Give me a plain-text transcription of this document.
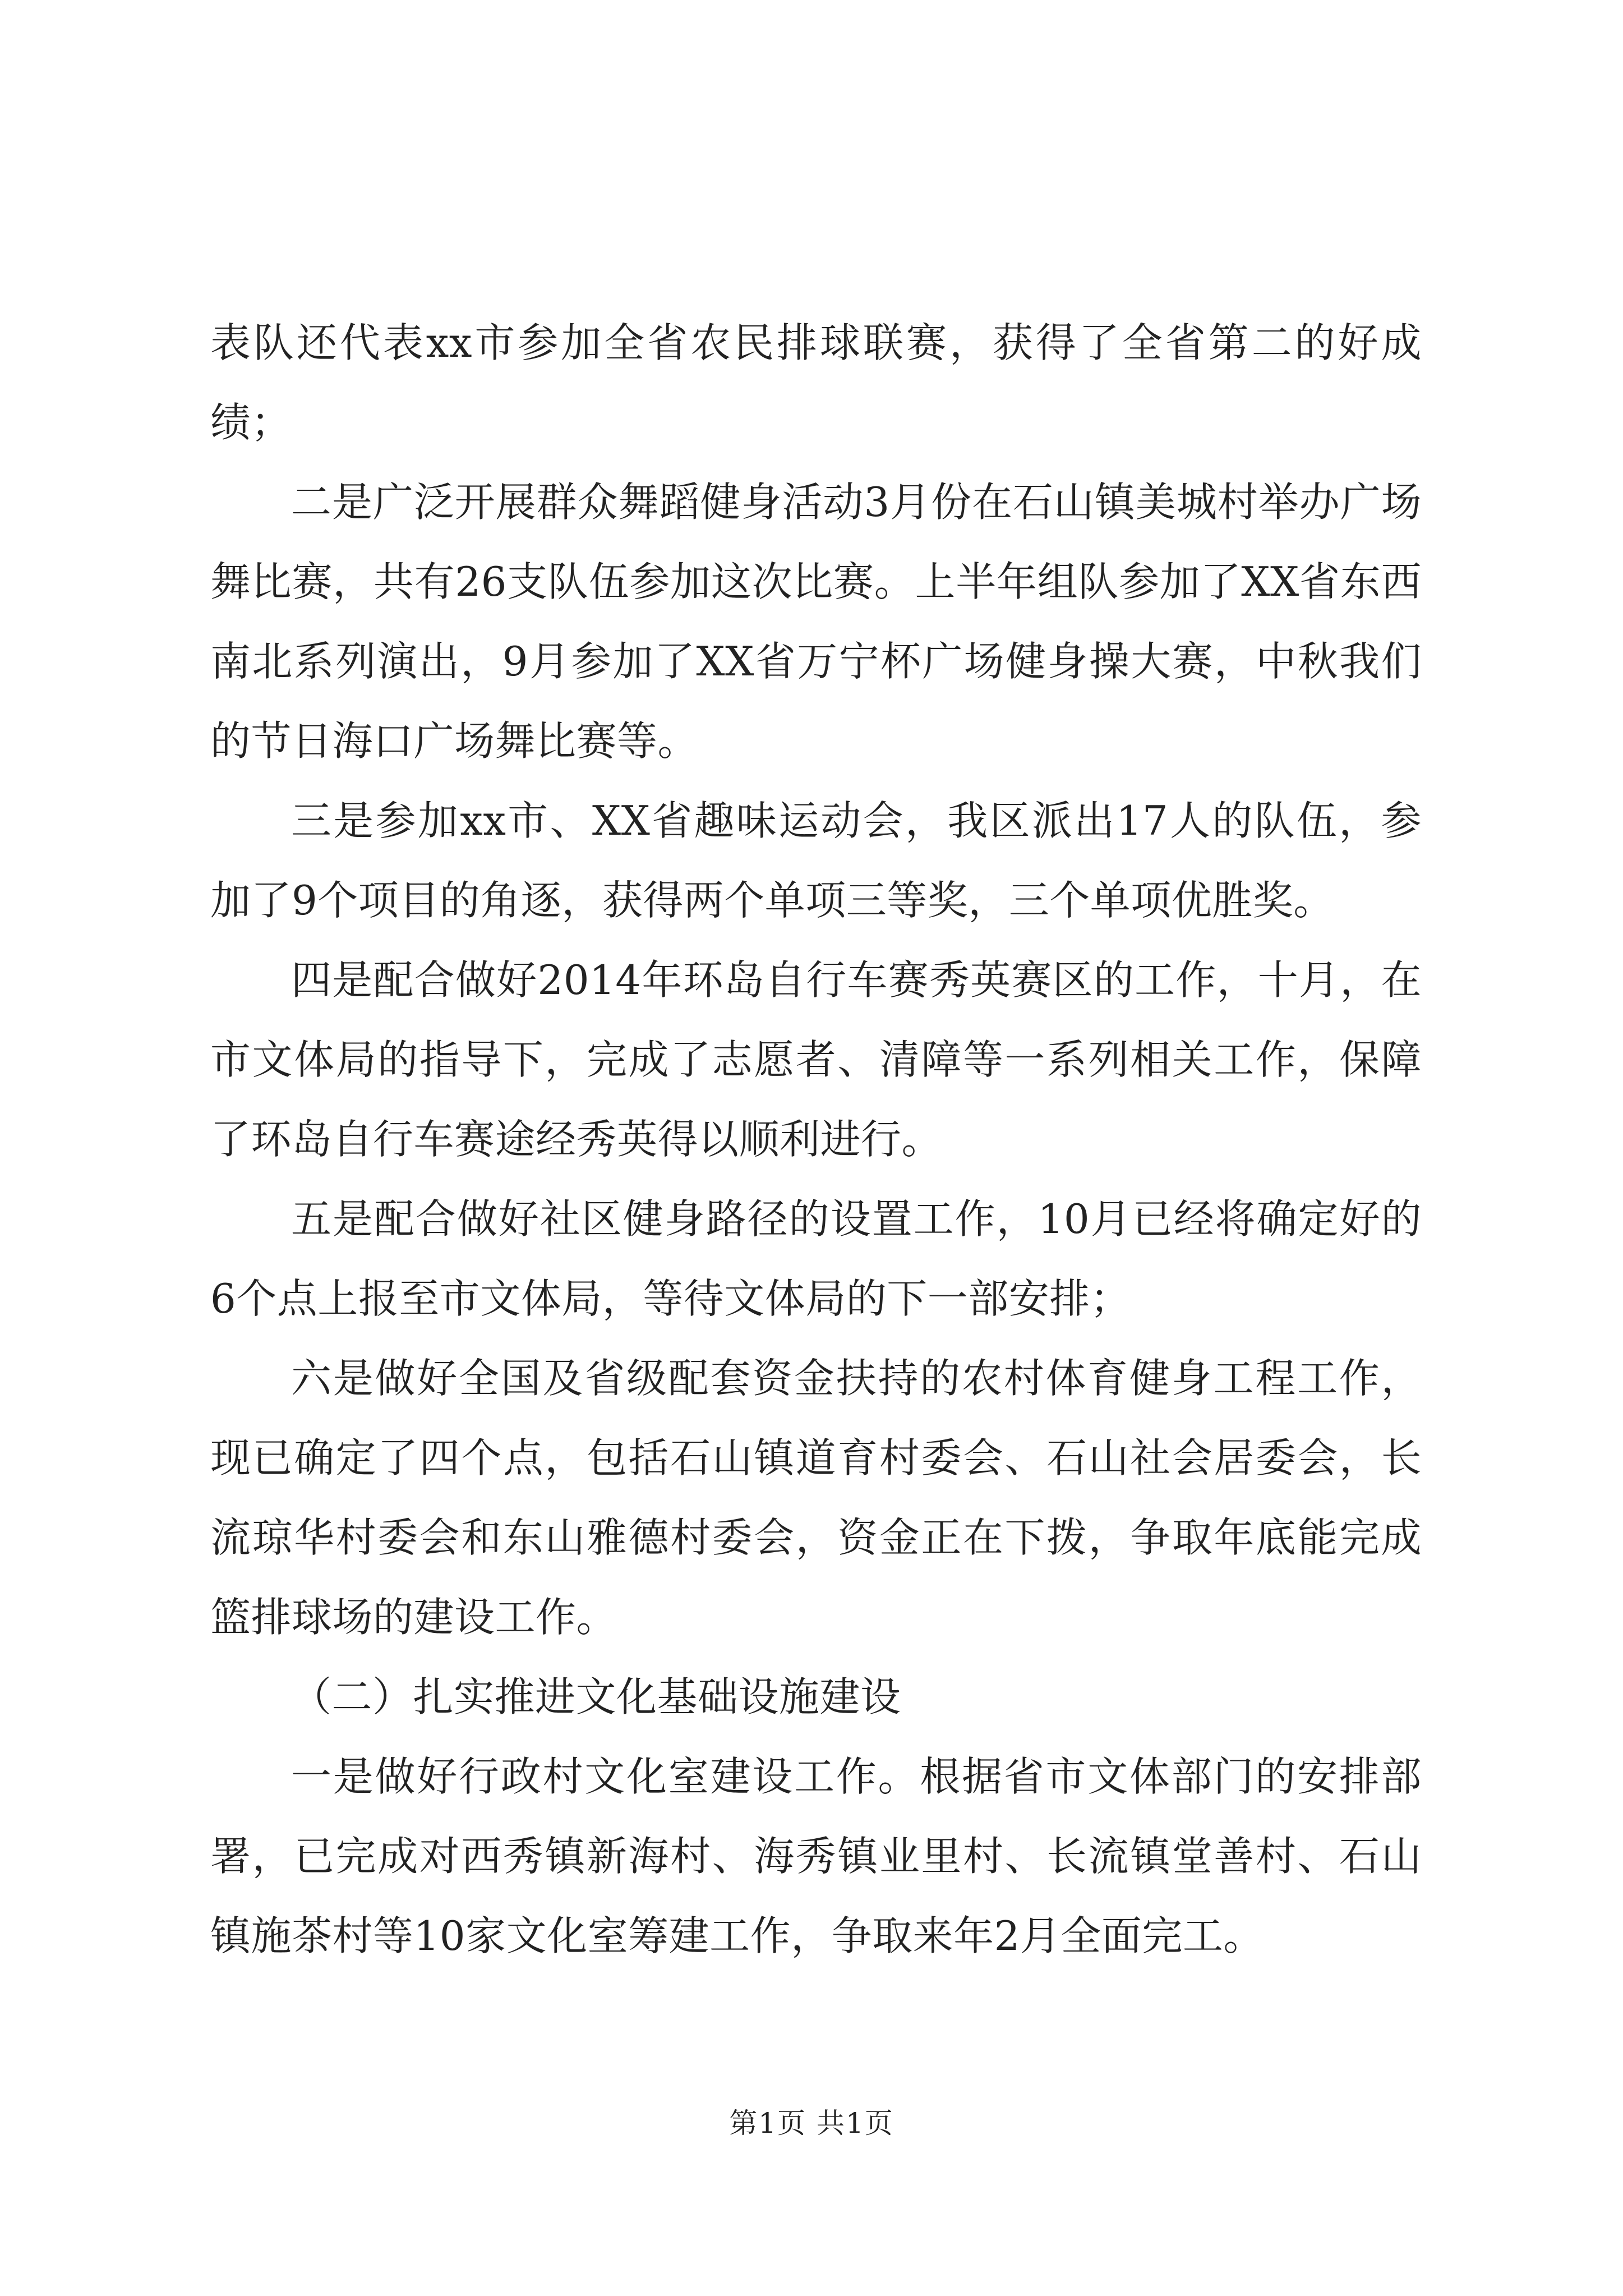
表队还代表xx市参加全省农民排球联赛，获得了全省第二的好成绩；

二是广泛开展群众舞蹈健身活动3月份在石山镇美城村举办广场舞比赛，共有26支队伍参加这次比赛。上半年组队参加了XX省东西南北系列演出，9月参加了XX省万宁杯广场健身操大赛，中秋我们的节日海口广场舞比赛等。

三是参加xx市、XX省趣味运动会，我区派出17人的队伍，参加了9个项目的角逐，获得两个单项三等奖，三个单项优胜奖。

四是配合做好2014年环岛自行车赛秀英赛区的工作，十月，在市文体局的指导下，完成了志愿者、清障等一系列相关工作，保障了环岛自行车赛途经秀英得以顺利进行。

五是配合做好社区健身路径的设置工作，10月已经将确定好的6个点上报至市文体局，等待文体局的下一部安排；

六是做好全国及省级配套资金扶持的农村体育健身工程工作，现已确定了四个点，包括石山镇道育村委会、石山社会居委会，长流琼华村委会和东山雅德村委会，资金正在下拨，争取年底能完成篮排球场的建设工作。

（二）扎实推进文化基础设施建设

一是做好行政村文化室建设工作。根据省市文体部门的安排部署，已完成对西秀镇新海村、海秀镇业里村、长流镇堂善村、石山镇施茶村等10家文化室筹建工作，争取来年2月全面完工。

第1页 共1页
